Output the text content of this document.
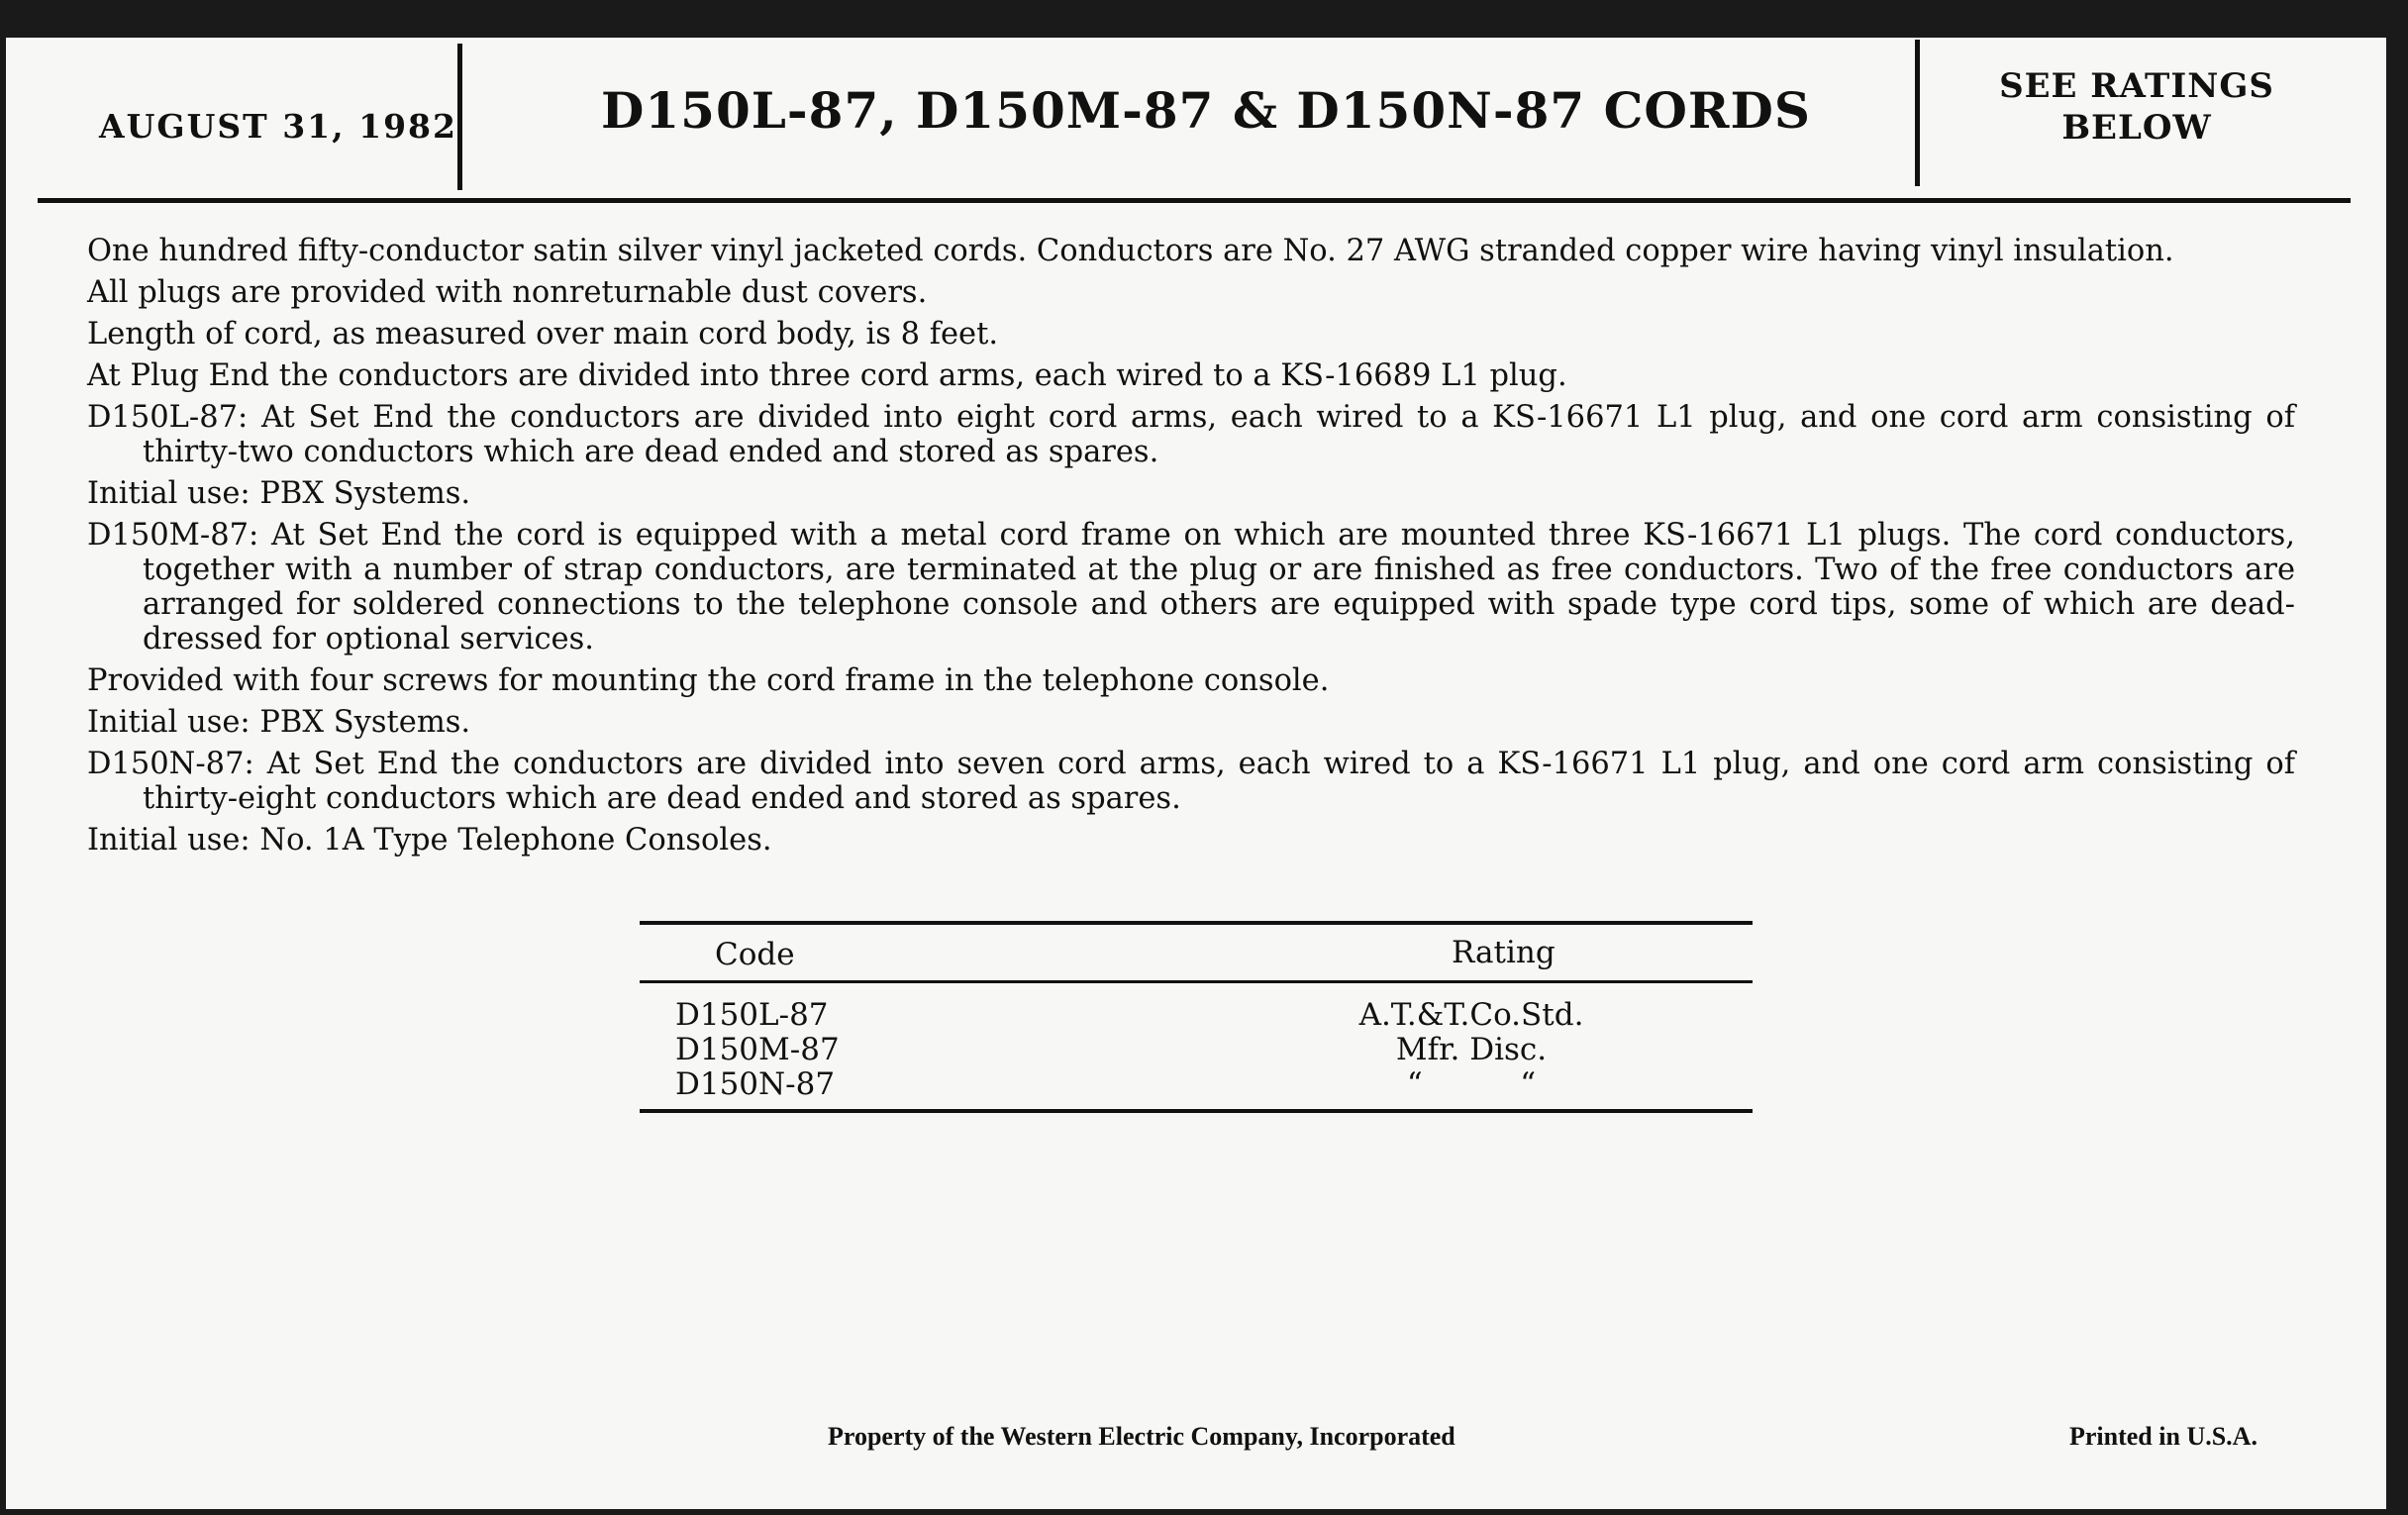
AUGUST 31, 1982	D150L-87, D150M-87 & D150N-87 CORDS	SEE RATINGS
BELOW

One hundred fifty-conductor satin silver vinyl jacketed cords. Conductors are No. 27 AWG stranded copper wire having vinyl insulation.

All plugs are provided with nonreturnable dust covers.

Length of cord, as measured over main cord body, is 8 feet.

At Plug End the conductors are divided into three cord arms, each wired to a KS-16689 L1 plug.

D150L-87: At Set End the conductors are divided into eight cord arms, each wired to a KS-16671 L1 plug, and one cord arm consisting of thirty-two conductors which are dead ended and stored as spares.

Initial use: PBX Systems.

D150M-87: At Set End the cord is equipped with a metal cord frame on which are mounted three KS-16671 L1 plugs. The cord conductors, together with a number of strap conductors, are terminated at the plug or are finished as free conductors. Two of the free conductors are arranged for soldered connections to the telephone console and others are equipped with spade type cord tips, some of which are dead-dressed for optional services.

Provided with four screws for mounting the cord frame in the telephone console.

Initial use: PBX Systems.

D150N-87: At Set End the conductors are divided into seven cord arms, each wired to a KS-16671 L1 plug, and one cord arm consisting of thirty-eight conductors which are dead ended and stored as spares.

Initial use: No. 1A Type Telephone Consoles.

Code	Rating
D150L-87	A.T.&T.Co.Std.
D150M-87	Mfr. Disc.
D150N-87	“          “
Property of the Western Electric Company, Incorporated	Printed in U.S.A.
